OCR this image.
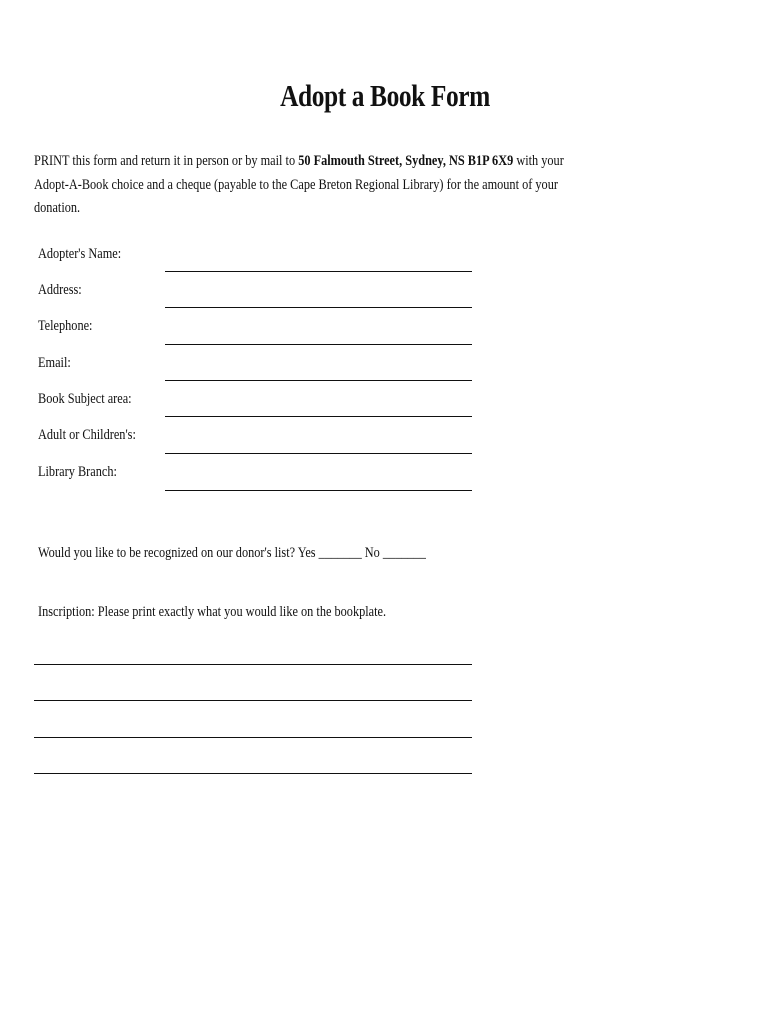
Adopt a Book Form
PRINT this form and return it in person or by mail to 50 Falmouth Street, Sydney, NS B1P 6X9 with your
Adopt-A-Book choice and a cheque (payable to the Cape Breton Regional Library) for the amount of your
donation.
Adopter's Name:
Address:
Telephone:
Email:
Book Subject area:
Adult or Children's:
Library Branch:
Would you like to be recognized on our donor's list? Yes _______ No _______
Inscription: Please print exactly what you would like on the bookplate.
